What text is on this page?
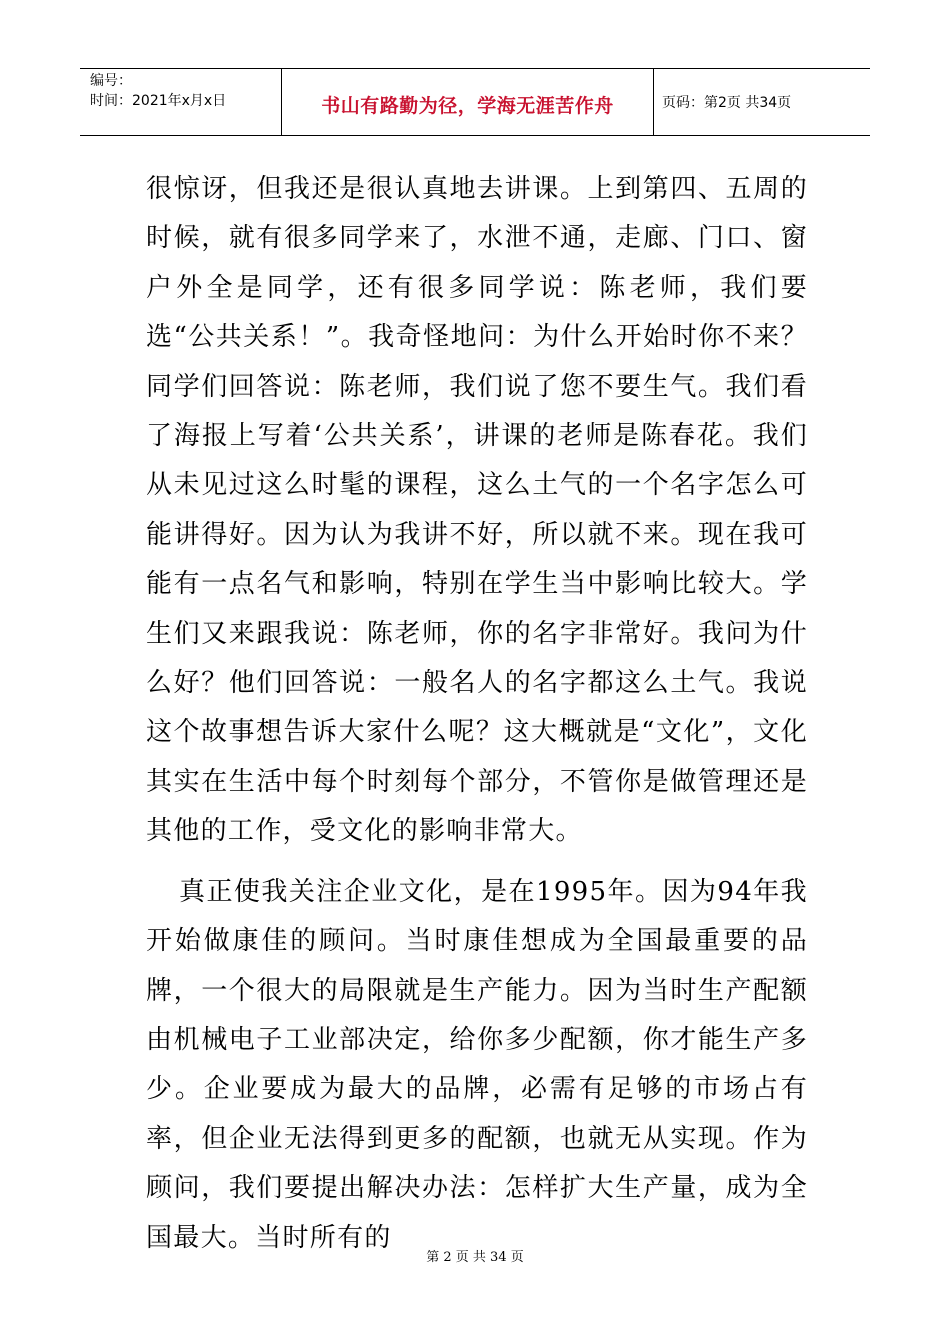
编号：
时间：2021年x月x日	书山有路勤为径，学海无涯苦作舟	页码：第2页 共34页

很惊讶，但我还是很认真地去讲课。上到第四、五周的时候，就有很多同学来了，水泄不通，走廊、门口、窗户外全是同学，还有很多同学说：陈老师，我们要选“公共关系！”。我奇怪地问：为什么开始时你不来？同学们回答说：陈老师，我们说了您不要生气。我们看了海报上写着‘公共关系’，讲课的老师是陈春花。我们从未见过这么时髦的课程，这么土气的一个名字怎么可能讲得好。因为认为我讲不好，所以就不来。现在我可能有一点名气和影响，特别在学生当中影响比较大。学生们又来跟我说：陈老师，你的名字非常好。我问为什么好？他们回答说：一般名人的名字都这么土气。我说这个故事想告诉大家什么呢？这大概就是“文化”，文化其实在生活中每个时刻每个部分，不管你是做管理还是其他的工作，受文化的影响非常大。

真正使我关注企业文化，是在1995年。因为94年我开始做康佳的顾问。当时康佳想成为全国最重要的品牌，一个很大的局限就是生产能力。因为当时生产配额由机械电子工业部决定，给你多少配额，你才能生产多少。企业要成为最大的品牌，必需有足够的市场占有率，但企业无法得到更多的配额，也就无从实现。作为顾问，我们要提出解决办法：怎样扩大生产量，成为全国最大。当时所有的

第 2 页 共 34 页
